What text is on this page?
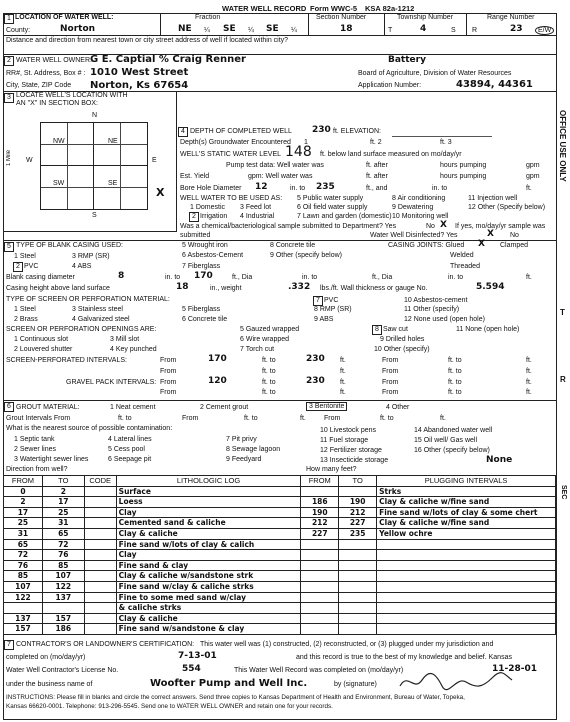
WATER WELL RECORD Form WWC-5 KSA 82a-1212
1 LOCATION OF WATER WELL:
County:	Norton
Fraction
NE ¼ SE ¼ SE ¼
Section Number
18
Township Number
T	4	S
Range Number
R	23	E/W
Distance and direction from nearest town or city street address of well if located within city?
2 WATER WELL OWNER:
G E. Captial % Craig Renner	Battery
RR#, St. Address, Box # : 1010 West Street	Board of Agriculture, Division of Water Resources
City, State, ZIP Code Norton, Ks 67654	Application Number:	43894, 44361
3 LOCATE WELL'S LOCATION WITH
AN "X" IN SECTION BOX:
N
S
W	E
1 Mile
NW	NE
SW	SE
X
4 DEPTH OF COMPLETED WELL 230 ft. ELEVATION:
Depth(s) Groundwater Encountered 1	ft. 2	ft. 3
WELL'S STATIC WATER LEVEL 148 ft. below land surface measured on mo/day/yr
Pump test data: Well water was	ft. after	hours pumping	gpm
Est. Yield	gpm: Well water was	ft. after	hours pumping	gpm
Bore Hole Diameter 12	in. to 235	ft., and	in. to	ft.
WELL WATER TO BE USED AS:
1 Domestic 3 Feed lot
5 Public water supply	8 Air conditioning	11 Injection well
2 Irrigation 4 Industrial
6 Oil field water supply	9 Dewatering	12 Other (Specify below)
7 Lawn and garden (domestic) 10 Monitoring well
Was a chemical/bacteriological sample submitted to Department? Yes	No X If yes, mo/day/yr sample was
submitted	Water Well Disinfected? Yes	X No
5 TYPE OF BLANK CASING USED:
1 Steel	3 RMP (SR)
5 Wrought iron	8 Concrete tile	CASING JOINTS: Glued X Clamped
2 PVC	4 ABS
6 Asbestos-Cement	9 Other (specify below)	Welded
7 Fiberglass	Threaded
Blank casing diameter	8	in. to 170	ft., Dia	in. to	ft., Dia	in. to	ft.
Casing height above land surface	18	in., weight	.332 lbs./ft. Wall thickness or gauge No.	5.594
TYPE OF SCREEN OR PERFORATION MATERIAL:
1 Steel	3 Stainless steel	5 Fiberglass
7 PVC	10 Asbestos-cement
2 Brass	4 Galvanized steel	6 Concrete tile
8 RMP (SR)	11 Other (specify)
9 ABS	12 None used (open hole)
SCREEN OR PERFORATION OPENINGS ARE:	5 Gauzed wrapped	8 Saw cut	11 None (open hole)
1 Continuous slot	3 Mill slot	6 Wire wrapped	9 Drilled holes
2 Louvered shutter	4 Key punched	7 Torch cut	10 Other (specify)
SCREEN-PERFORATED INTERVALS:	From	170	ft. to	230 ft.	From	ft. to	ft.
From	ft. to	ft.	From	ft. to	ft.
GRAVEL PACK INTERVALS: From	120	ft. to	230 ft.	From	ft. to	ft.
From	ft. to	ft.	From	ft. to	ft.
6 GROUT MATERIAL:	1 Neat cement	2 Cement grout	3 Bentonite	4 Other
Grout Intervals From	ft. to	From	ft. to	ft.	From	ft. to	ft.
What is the nearest source of possible contamination:
1 Septic tank	4 Lateral lines	7 Pit privy
10 Livestock pens	14 Abandoned water well
2 Sewer lines	5 Cess pool	8 Sewage lagoon
11 Fuel storage	15 Oil well/ Gas well
3 Watertight sewer lines	6 Seepage pit	9 Feedyard
12 Fertilizer storage	16 Other (specify below)
13 Insecticide storage	None
Direction from well?	How many feet?
FROM	TO	CODE	LITHOLOGIC LOG	FROM	TO	PLUGGING INTERVALS
0	2		Surface			Strks
2	17		Loess	186	190	Clay & caliche w/fine sand
17	25		Clay	190	212	Fine sand w/lots of clay & some chert
25	31		Cemented sand & caliche	212	227	Clay & caliche w/fine sand
31	65		Clay & caliche	227	235	Yellow ochre
65	72		Fine sand w/lots of clay & calich			
72	76		Clay			
76	85		Fine sand & clay			
85	107		Clay & caliche w/sandstone strk			
107	122		Fine sand w/clay & caliche strks			
122	137		Fine to some med sand w/clay			
			& caliche strks			
137	157		Clay & caliche			
157	186		Fine sand w/sandstone & clay			
7 CONTRACTOR'S OR LANDOWNER'S CERTIFICATION: This water well was (1) constructed, (2) reconstructed, or (3) plugged under my jurisdiction and
completed on (mo/day/yr)	7-13-01	and this record is true to the best of my knowledge and belief. Kansas
Water Well Contractor's License No.	554	This Water Well Record was completed on (mo/day/yr)	11-28-01
under the business name of	Woofter Pump and Well Inc.	by (signature)
INSTRUCTIONS: Please fill in blanks and circle the correct answers. Send three copies to Kansas Department of Health and Environment, Bureau of Water, Topeka,
Kansas 66620-0001. Telephone: 913-296-5545. Send one to WATER WELL OWNER and retain one for your records.
OFFICE USE ONLY
T
R
SEC
